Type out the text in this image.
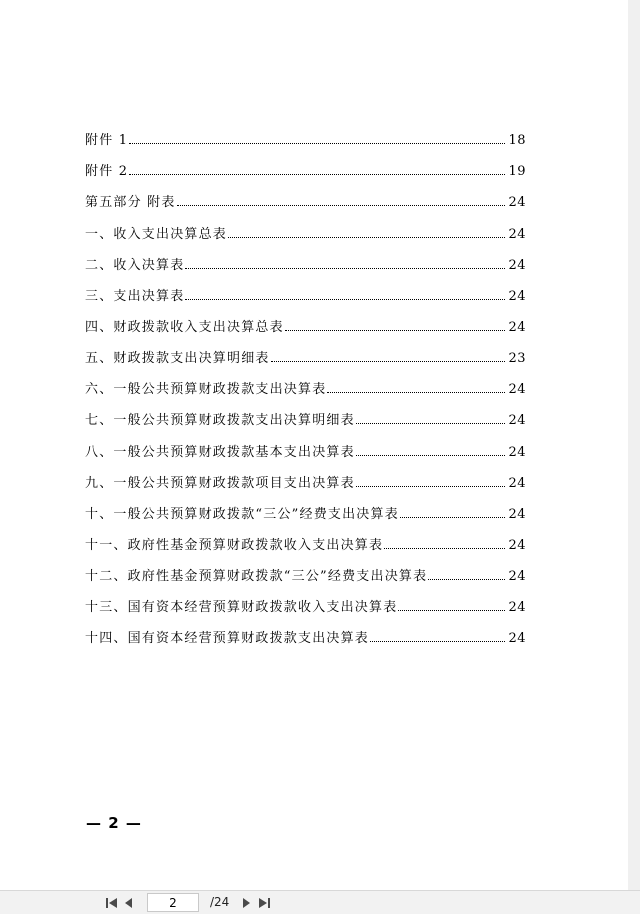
附件 1	18
附件 2	19
第五部分 附表	24
一、收入支出决算总表	24
二、收入决算表	24
三、支出决算表	24
四、财政拨款收入支出决算总表	24
五、财政拨款支出决算明细表	23
六、一般公共预算财政拨款支出决算表	24
七、一般公共预算财政拨款支出决算明细表	24
八、一般公共预算财政拨款基本支出决算表	24
九、一般公共预算财政拨款项目支出决算表	24
十、一般公共预算财政拨款“三公”经费支出决算表	24
十一、政府性基金预算财政拨款收入支出决算表	24
十二、政府性基金预算财政拨款“三公”经费支出决算表	24
十三、国有资本经营预算财政拨款收入支出决算表	24
十四、国有资本经营预算财政拨款支出决算表	24
— 2 —
2
/24
